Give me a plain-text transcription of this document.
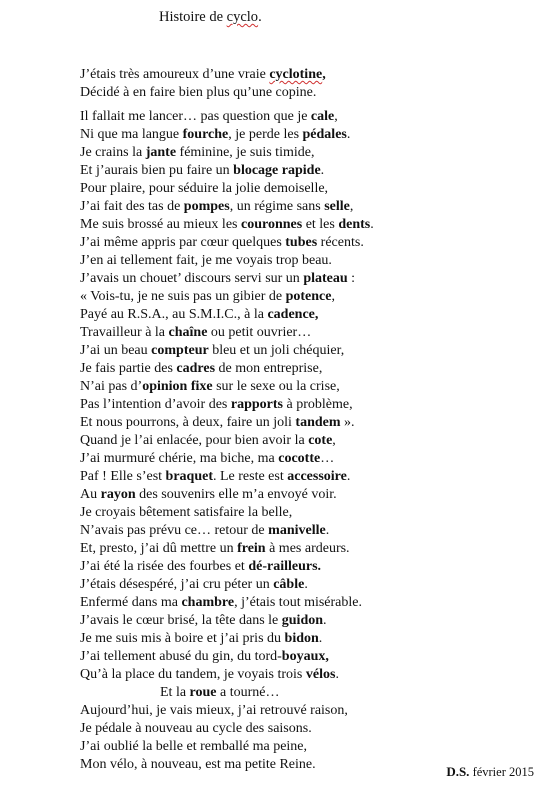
Histoire de cyclo.
J’étais très amoureux d’une vraie cyclotine,
Décidé à en faire bien plus qu’une copine.
Il fallait me lancer… pas question que je cale,
Ni que ma langue fourche, je perde les pédales.
Je crains la jante féminine, je suis timide,
Et j’aurais bien pu faire un blocage rapide.
Pour plaire, pour séduire la jolie demoiselle,
J’ai fait des tas de pompes, un régime sans selle,
Me suis brossé au mieux les couronnes et les dents.
J’ai même appris par cœur quelques tubes récents.
J’en ai tellement fait, je me voyais trop beau.
J’avais un chouet’ discours servi sur un plateau :
« Vois-tu, je ne suis pas un gibier de potence,
Payé au R.S.A., au S.M.I.C., à la cadence,
Travailleur à la chaîne ou petit ouvrier…
J’ai un beau compteur bleu et un joli chéquier,
Je fais partie des cadres de mon entreprise,
N’ai pas d’opinion fixe sur le sexe ou la crise,
Pas l’intention d’avoir des rapports à problème,
Et nous pourrons, à deux, faire un joli tandem ».
Quand je l’ai enlacée, pour bien avoir la cote,
J’ai murmuré chérie, ma biche, ma cocotte…
Paf ! Elle s’est braquet. Le reste est accessoire.
Au rayon des souvenirs elle m’a envoyé voir.
Je croyais bêtement satisfaire la belle,
N’avais pas prévu ce… retour de manivelle.
Et, presto, j’ai dû mettre un frein à mes ardeurs.
J’ai été la risée des fourbes et dé-railleurs.
J’étais désespéré, j’ai cru péter un câble.
Enfermé dans ma chambre, j’étais tout misérable.
J’avais le cœur brisé, la tête dans le guidon.
Je me suis mis à boire et j’ai pris du bidon.
J’ai tellement abusé du gin, du tord-boyaux,
Qu’à la place du tandem, je voyais trois vélos.
Et la roue a tourné…
Aujourd’hui, je vais mieux, j’ai retrouvé raison,
Je pédale à nouveau au cycle des saisons.
J’ai oublié la belle et remballé ma peine,
Mon vélo, à nouveau, est ma petite Reine.	D.S. février 2015
